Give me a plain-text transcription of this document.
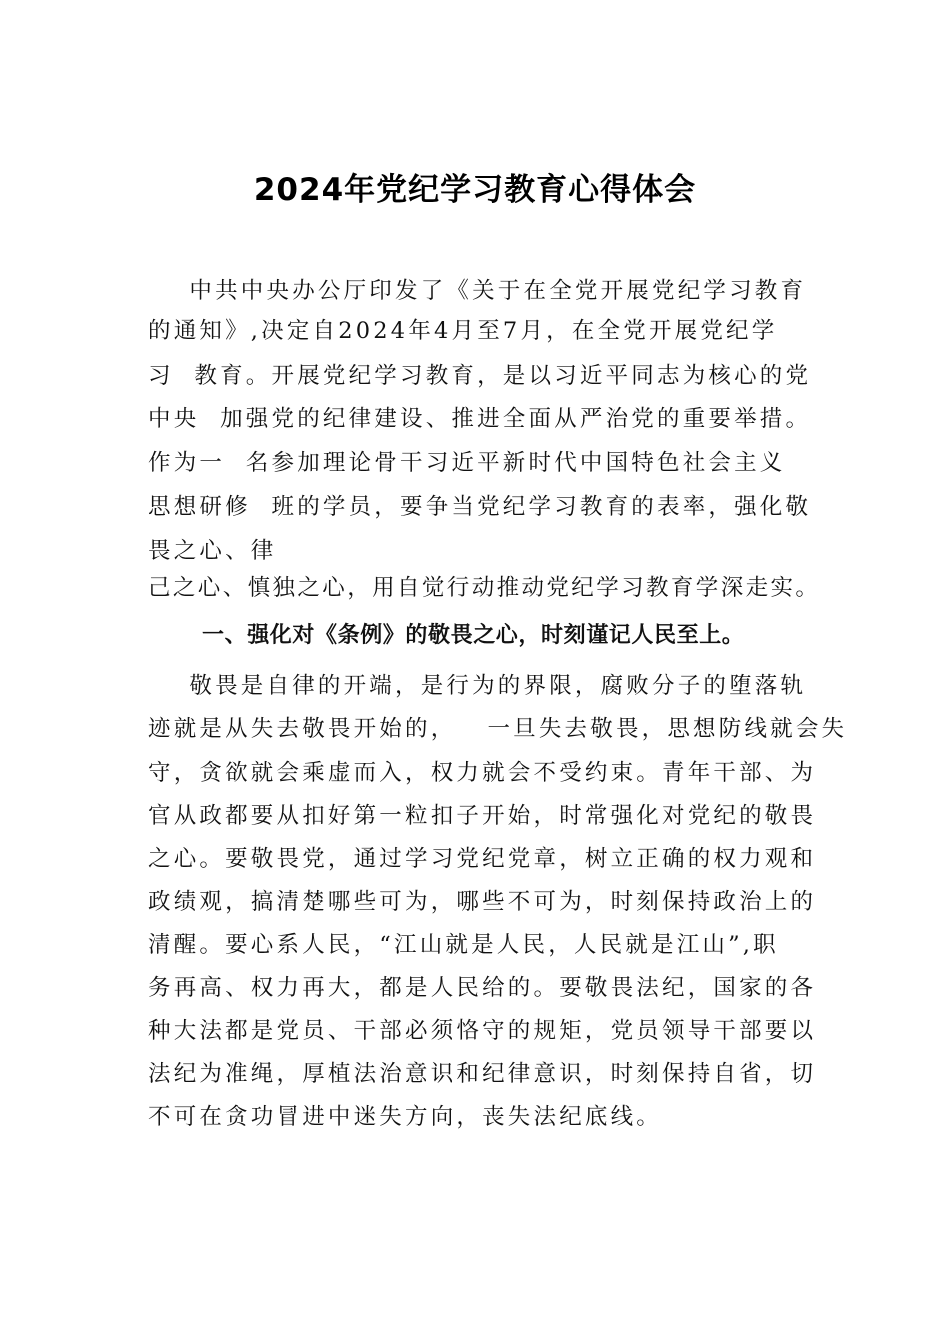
2024年党纪学习教育心得体会
中共中央办公厅印发了《关于在全党开展党纪学习教育
的通知》,决定自2024年4月至7月，在全党开展党纪学
习  教育。开展党纪学习教育，是以习近平同志为核心的党
中央  加强党的纪律建设、推进全面从严治党的重要举措。
作为一  名参加理论骨干习近平新时代中国特色社会主义
思想研修  班的学员，要争当党纪学习教育的表率，强化敬
畏之心、律
己之心、慎独之心，用自觉行动推动党纪学习教育学深走实。
一、强化对《条例》的敬畏之心，时刻谨记人民至上。
敬畏是自律的开端，是行为的界限，腐败分子的堕落轨
迹就是从失去敬畏开始的，   一旦失去敬畏，思想防线就会失
守，贪欲就会乘虚而入，权力就会不受约束。青年干部、为
官从政都要从扣好第一粒扣子开始，时常强化对党纪的敬畏
之心。要敬畏党，通过学习党纪党章，树立正确的权力观和
政绩观，搞清楚哪些可为，哪些不可为，时刻保持政治上的
清醒。要心系人民，“江山就是人民，人民就是江山”,职
务再高、权力再大，都是人民给的。要敬畏法纪，国家的各
种大法都是党员、干部必须恪守的规矩，党员领导干部要以
法纪为准绳，厚植法治意识和纪律意识，时刻保持自省，切
不可在贪功冒进中迷失方向，丧失法纪底线。
